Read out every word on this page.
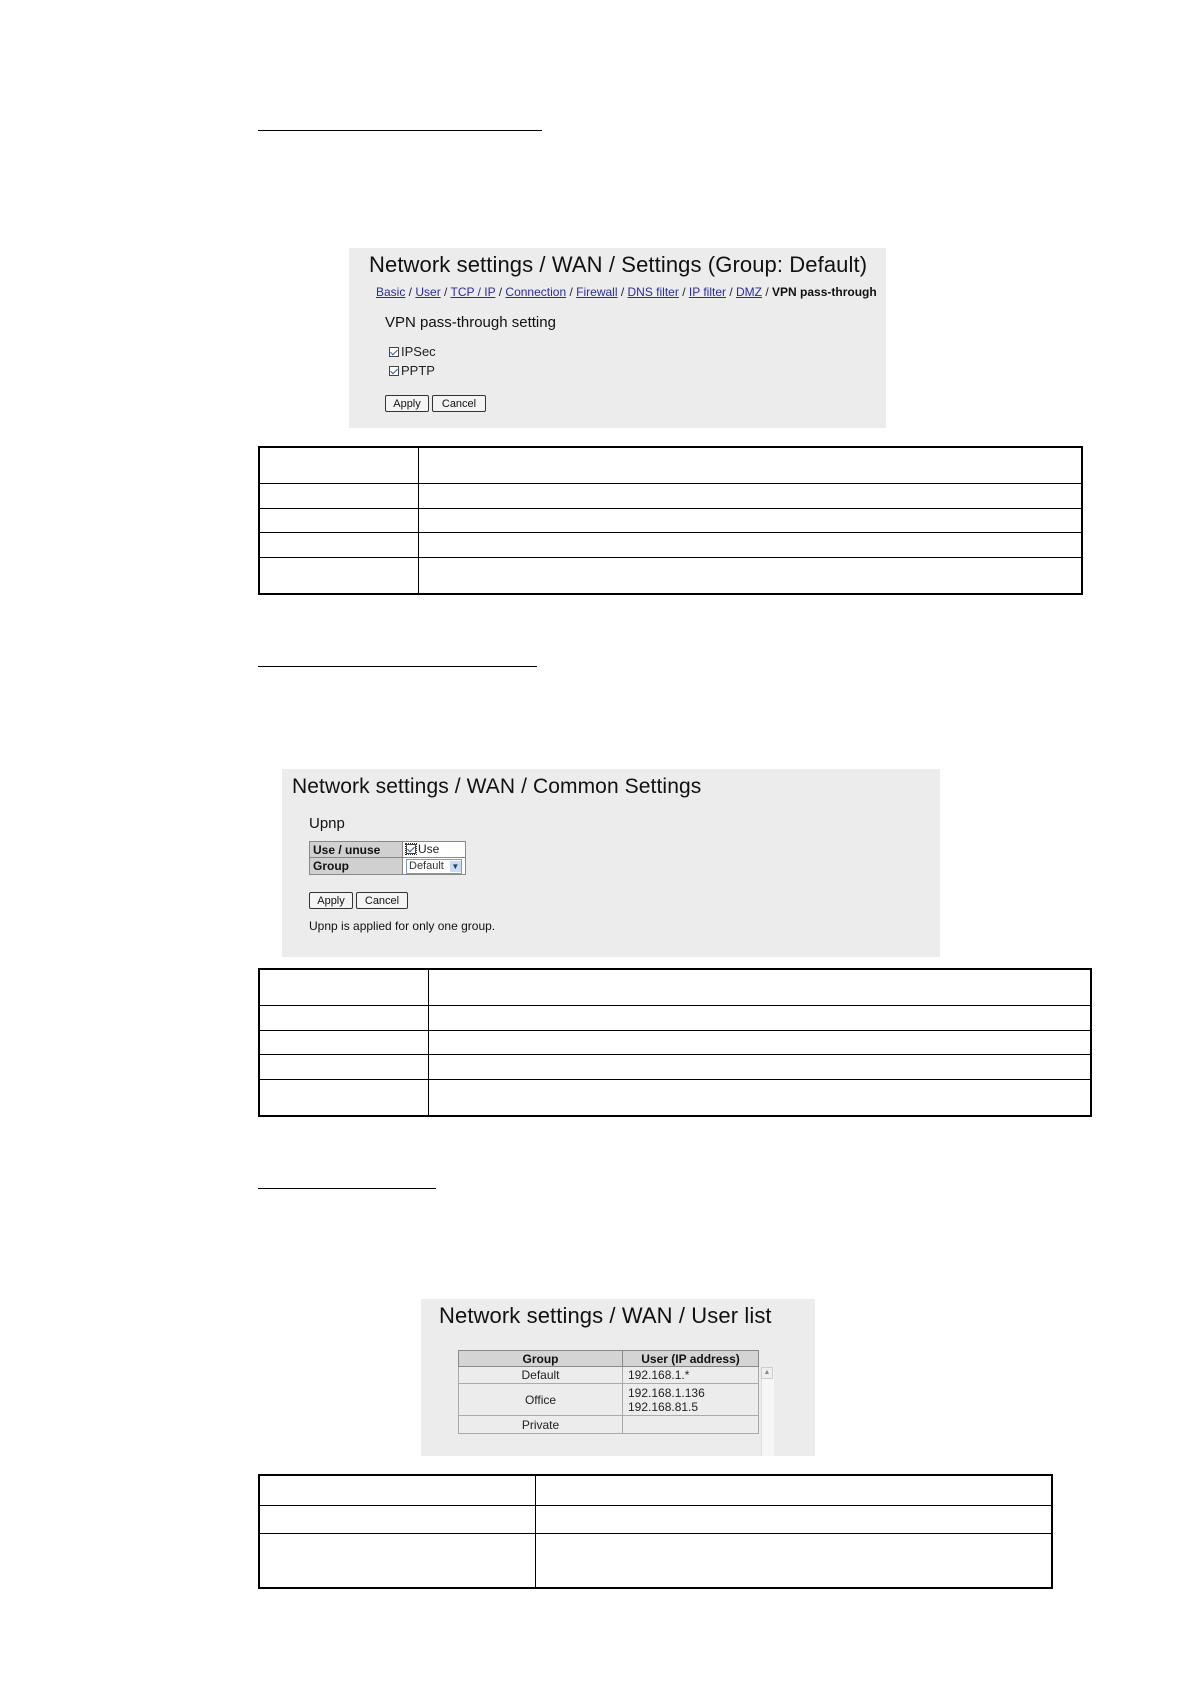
Network settings / WAN / Settings (Group: Default)
Basic / User / TCP / IP / Connection / Firewall / DNS filter / IP filter / DMZ / VPN pass-through
VPN pass-through setting
IPSec
PPTP
Apply	Cancel

Network settings / WAN / Common Settings
Upnp
Use / unuse	Use

Group	Default ▼
Apply	Cancel
Upnp is applied for only one group.

Network settings / WAN / User list
Group	User (IP address)
Default	192.168.1.*

Office	192.168.1.136
192.168.81.5

Private	
▲
